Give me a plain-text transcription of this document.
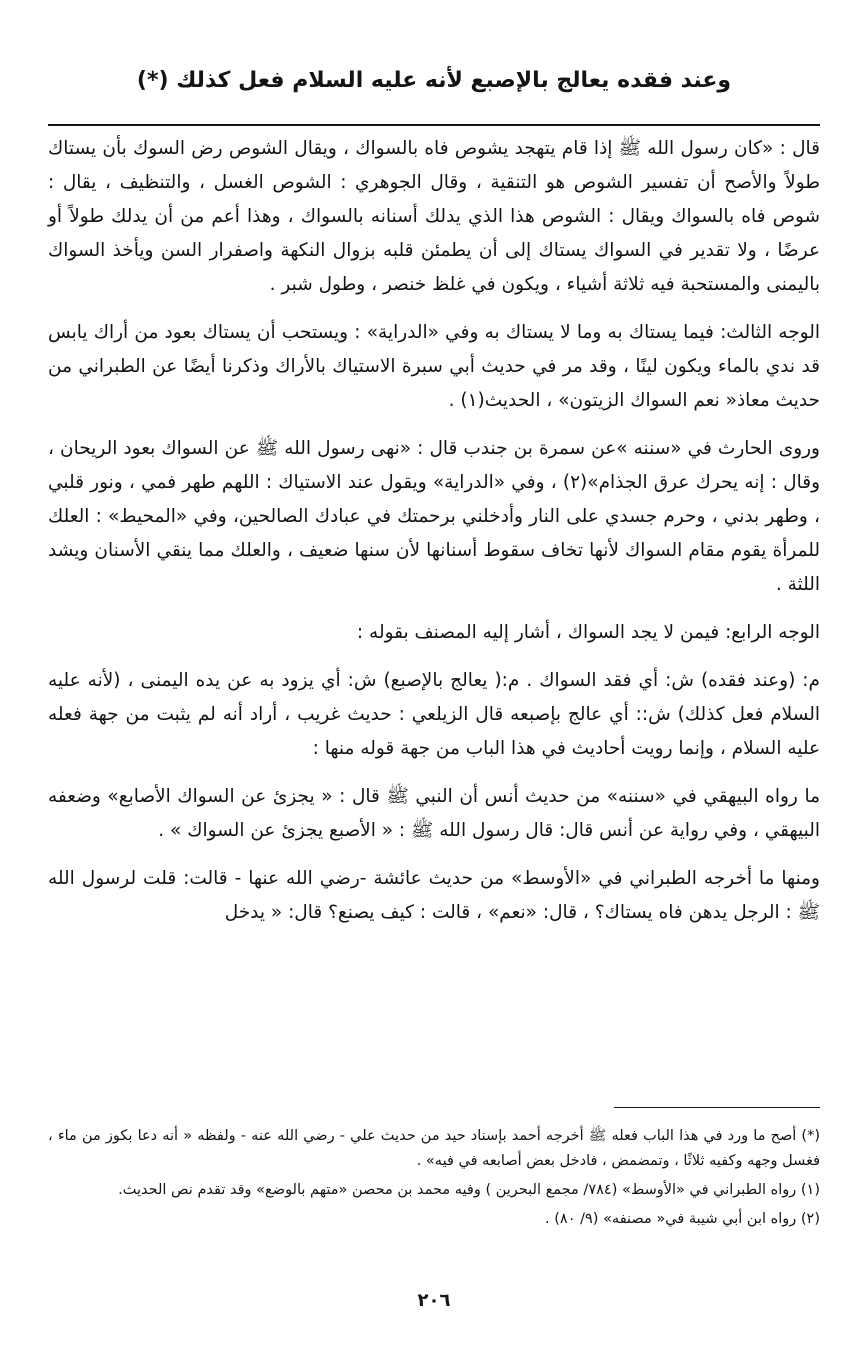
وعند فقده يعالج بالإصبع لأنه عليه السلام فعل كذلك (*)

قال : «كان رسول الله ﷺ إذا قام يتهجد يشوص فاه بالسواك ، ويقال الشوص رض السوك بأن يستاك طولاً والأصح أن تفسير الشوص هو التنقية ، وقال الجوهري : الشوص الغسل ، والتنظيف ، يقال : شوص فاه بالسواك ويقال : الشوص هذا الذي يدلك أسنانه بالسواك ، وهذا أعم من أن يدلك طولاً أو عرضًا ، ولا تقدير في السواك يستاك إلى أن يطمئن قلبه بزوال النكهة واصفرار السن ويأخذ السواك باليمنى والمستحبة فيه ثلاثة أشياء ، ويكون في غلظ خنصر ، وطول شبر .

الوجه الثالث: فيما يستاك به وما لا يستاك به وفي «الدراية» : ويستحب أن يستاك بعود من أراك يابس قد ندي بالماء ويكون لينًا ، وقد مر في حديث أبي سبرة الاستياك بالأراك وذكرنا أيضًا عن الطبراني من حديث معاذ« نعم السواك الزيتون» ، الحديث(١) .

وروى الحارث في «سننه »عن سمرة بن جندب قال : «نهى رسول الله ﷺ عن السواك بعود الريحان ، وقال : إنه يحرك عرق الجذام»(٢) ، وفي «الدراية» ويقول عند الاستياك : اللهم طهر فمي ، ونور قلبي ، وطهر بدني ، وحرم جسدي على النار وأدخلني برحمتك في عبادك الصالحين، وفي «المحيط» : العلك للمرأة يقوم مقام السواك لأنها تخاف سقوط أسنانها لأن سنها ضعيف ، والعلك مما ينقي الأسنان ويشد اللثة .

الوجه الرابع: فيمن لا يجد السواك ، أشار إليه المصنف بقوله :

م: (وعند فقده) ش: أي فقد السواك . م:( يعالج بالإصبع) ش: أي يزود به عن يده اليمنى ، (لأنه عليه السلام فعل كذلك) ش:: أي عالج بإصبعه قال الزيلعي : حديث غريب ، أراد أنه لم يثبت من جهة فعله عليه السلام ، وإنما رويت أحاديث في هذا الباب من جهة قوله منها :

ما رواه البيهقي في «سننه» من حديث أنس أن النبي ﷺ قال : « يجزئ عن السواك الأصابع» وضعفه البيهقي ، وفي رواية عن أنس قال: قال رسول الله ﷺ : « الأصبع يجزئ عن السواك » .

ومنها ما أخرجه الطبراني في «الأوسط» من حديث عائشة -رضي الله عنها - قالت: قلت لرسول الله ﷺ : الرجل يدهن فاه يستاك؟ ، قال: «نعم» ، قالت : كيف يصنع؟ قال: « يدخل

(*) أصح ما ورد في هذا الباب فعله ﷺ أخرجه أحمد بإسناد حيد من حديث علي - رضي الله عنه - ولفظه « أنه دعا بكوز من ماء ، فغسل وجهه وكفيه ثلاثًا ، وتمضمض ، فادخل بعض أصابعه في فيه» .

(١) رواه الطبراني في «الأوسط» (٧٨٤/ مجمع البحرين ) وفيه محمد بن محصن «متهم بالوضع» وقد تقدم نص الحديث.

(٢) رواه ابن أبي شيبة في« مصنفه» (٩/ ٨٠) .

٢٠٦
